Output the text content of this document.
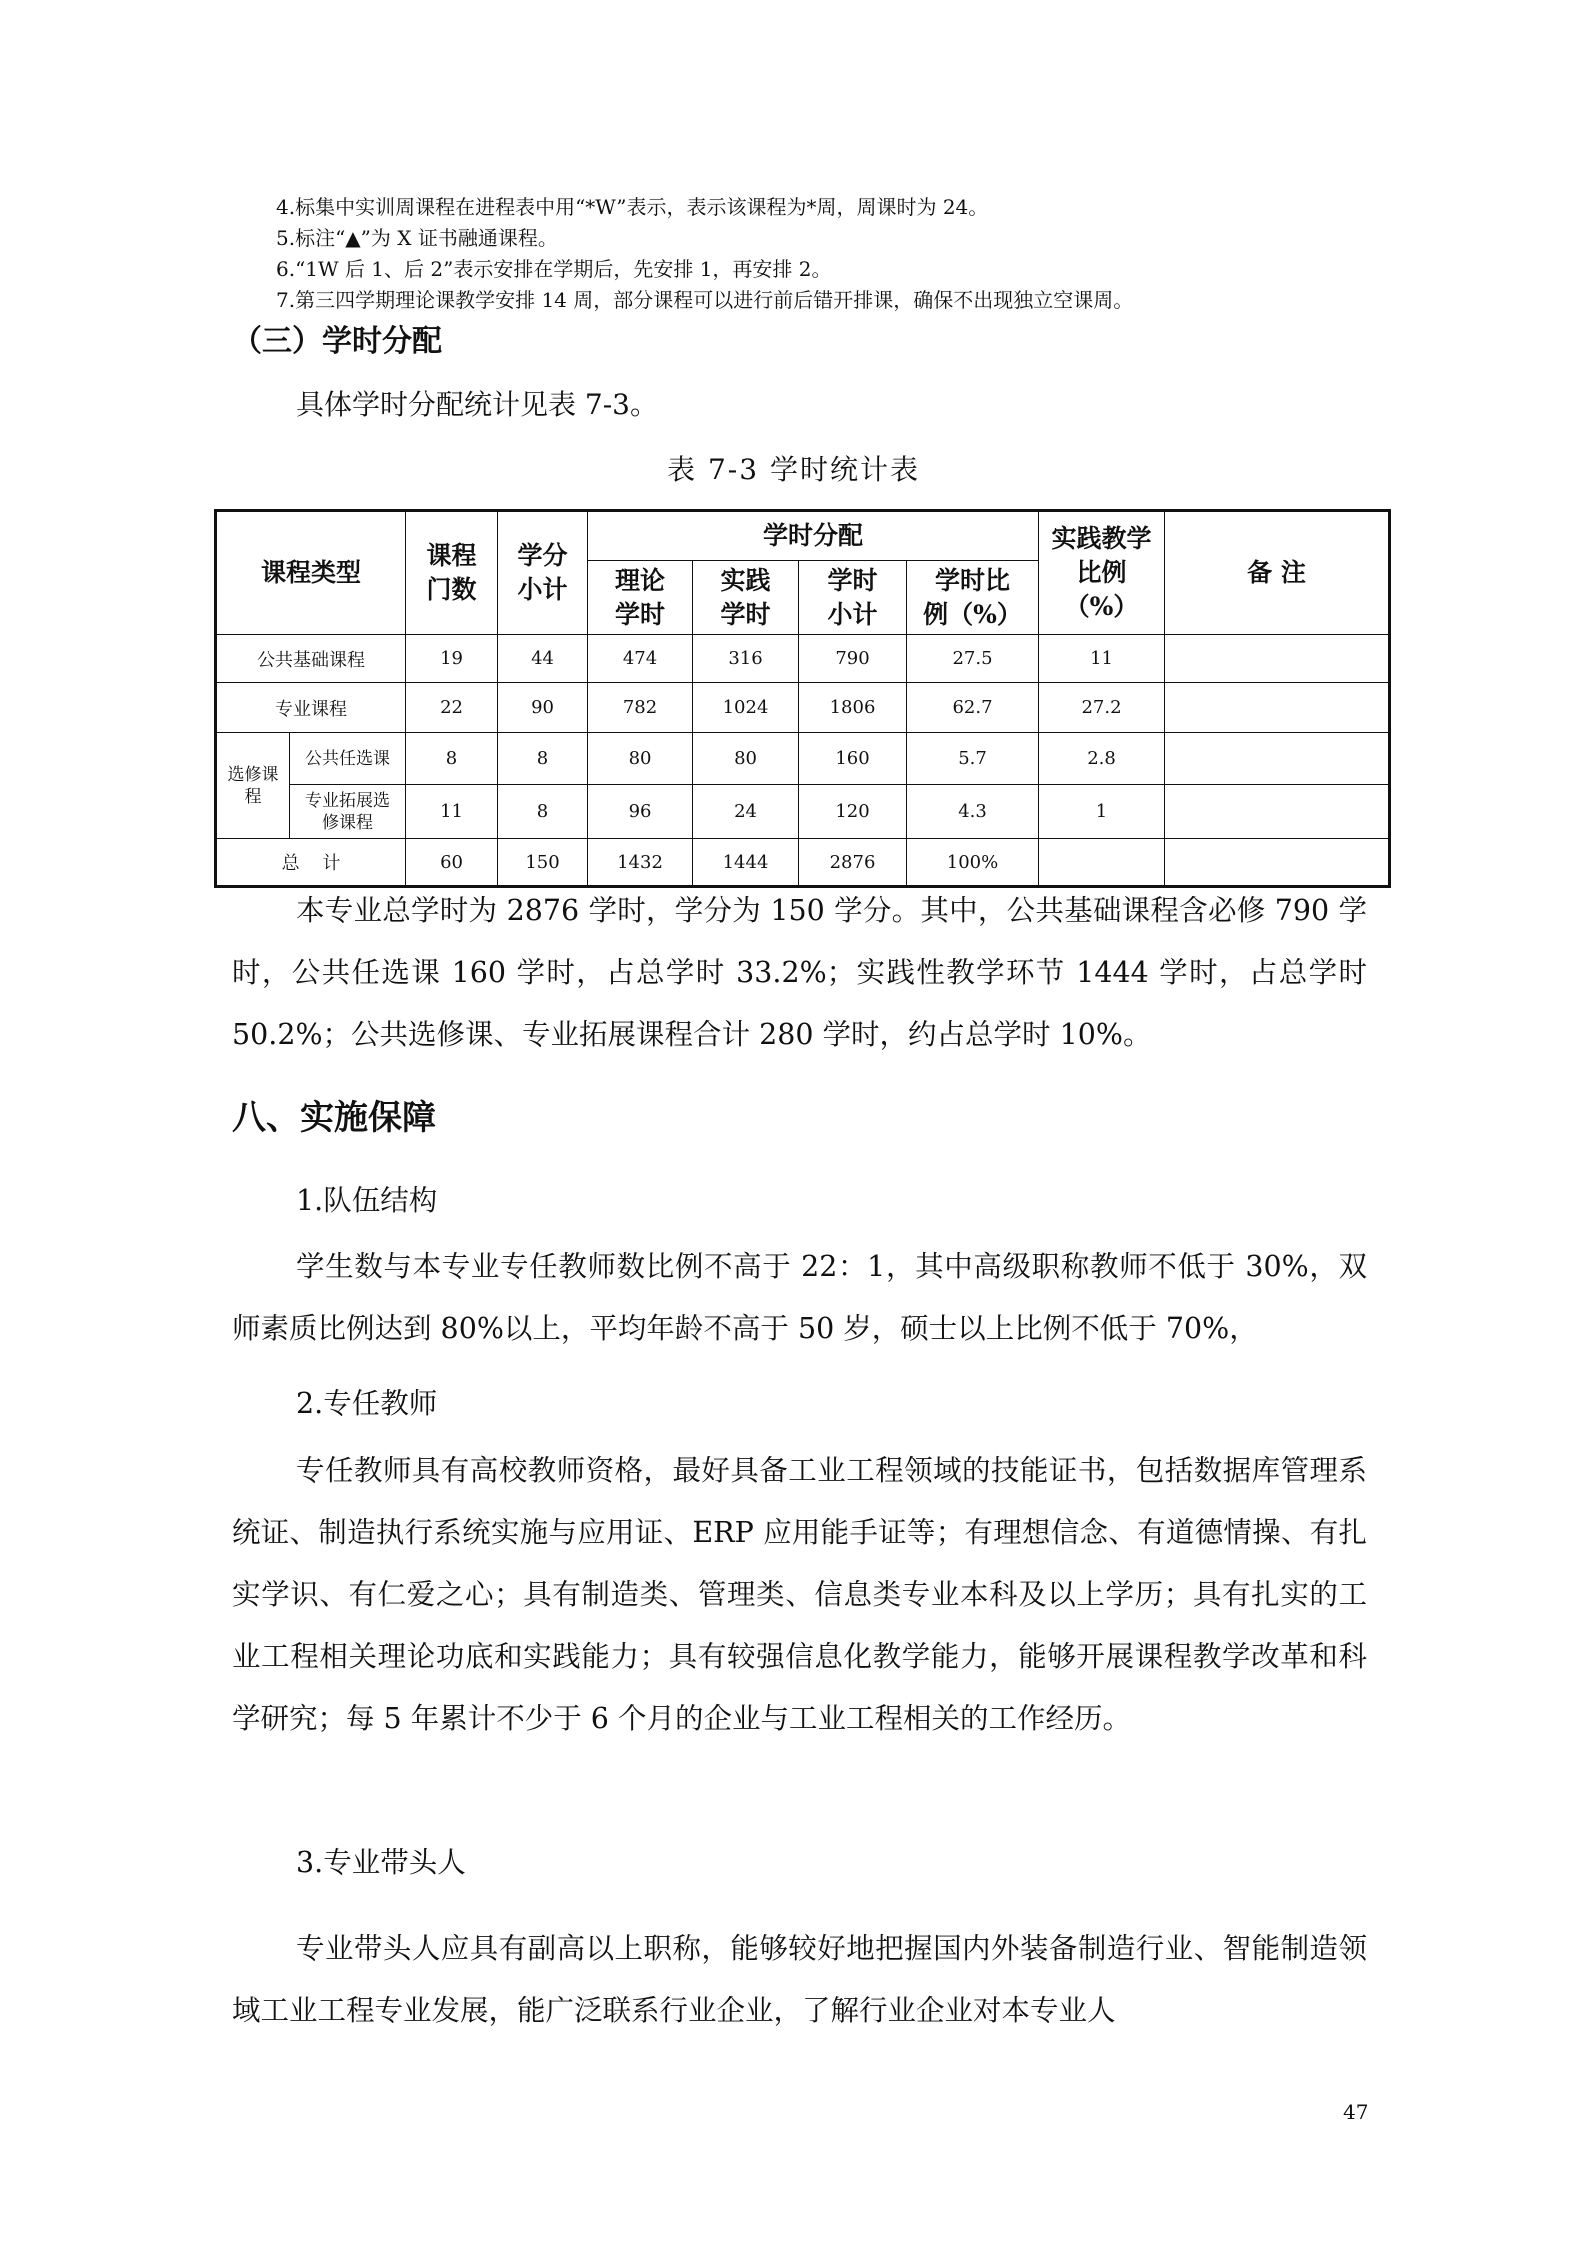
4.标集中实训周课程在进程表中用“*W”表示，表示该课程为*周，周课时为 24。
5.标注“▲”为 X 证书融通课程。
6.“1W 后 1、后 2”表示安排在学期后，先安排 1，再安排 2。
7.第三四学期理论课教学安排 14 周，部分课程可以进行前后错开排课，确保不出现独立空课周。
（三）学时分配
具体学时分配统计见表 7-3。
表 7-3 学时统计表
课程类型		课程门数	学分小计	学时分配				实践教学比例（%）	备 注
				理论学时	实践学时	学时小计	学时比例（%）		
公共基础课程		19	44	474	316	790	27.5	11	
专业课程		22	90	782	1024	1806	62.7	27.2	
选修课程	公共任选课	8	8	80	80	160	5.7	2.8	
	专业拓展选修课程	11	8	96	24	120	4.3	1	
总    计		60	150	1432	1444	2876	100%		

本专业总学时为 2876 学时，学分为 150 学分。其中，公共基础课程含必修 790 学时，公共任选课 160 学时，占总学时 33.2%；实践性教学环节 1444 学时，占总学时 50.2%；公共选修课、专业拓展课程合计 280 学时，约占总学时 10%。

八、实施保障
1.队伍结构

学生数与本专业专任教师数比例不高于 22：1，其中高级职称教师不低于 30%，双师素质比例达到 80%以上，平均年龄不高于 50 岁，硕士以上比例不低于 70%，

2.专任教师

专任教师具有高校教师资格，最好具备工业工程领域的技能证书，包括数据库管理系统证、制造执行系统实施与应用证、ERP 应用能手证等；有理想信念、有道德情操、有扎实学识、有仁爱之心；具有制造类、管理类、信息类专业本科及以上学历；具有扎实的工业工程相关理论功底和实践能力；具有较强信息化教学能力，能够开展课程教学改革和科学研究；每 5 年累计不少于 6 个月的企业与工业工程相关的工作经历。

3.专业带头人

专业带头人应具有副高以上职称，能够较好地把握国内外装备制造行业、智能制造领域工业工程专业发展，能广泛联系行业企业，了解行业企业对本专业人

47
